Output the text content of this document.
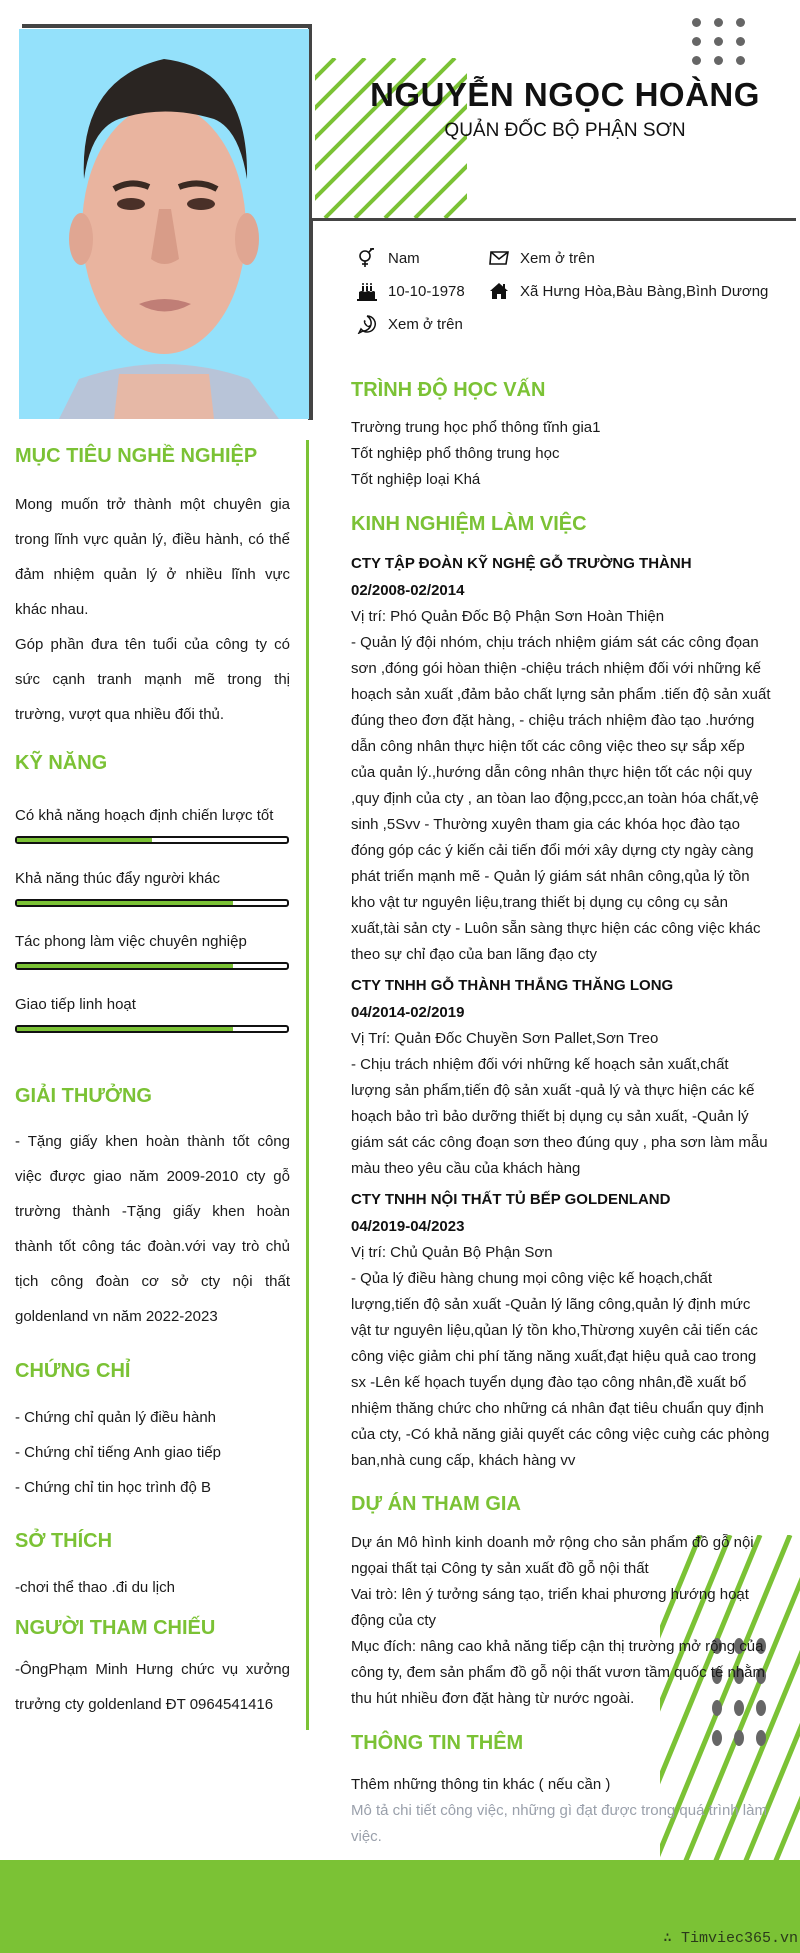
NGUYỄN NGỌC HOÀNG
QUẢN ĐỐC BỘ PHẬN SƠN
Nam	Xem ở trên
10-10-1978	Xã Hưng Hòa,Bàu Bàng,Bình Dương
Xem ở trên
MỤC TIÊU NGHỀ NGHIỆP

Mong muốn trở thành một chuyên gia trong lĩnh vực quản lý, điều hành, có thể đảm nhiệm quản lý ở nhiều lĩnh vực khác nhau.

Góp phần đưa tên tuổi của công ty có sức cạnh tranh mạnh mẽ trong thị trường, vượt qua nhiều đối thủ.

KỸ NĂNG
Có khả năng hoạch định chiến lược tốt
Khả năng thúc đẩy người khác
Tác phong làm việc chuyên nghiệp
Giao tiếp linh hoạt
GIẢI THƯỞNG

- Tặng giấy khen hoàn thành tốt công việc được giao năm 2009-2010 cty gỗ trường thành -Tặng giấy khen hoàn thành tốt công tác đoàn.với vay trò chủ tịch công đoàn cơ sở cty nội thất goldenland vn năm 2022-2023

CHỨNG CHỈ
- Chứng chỉ quản lý điều hành
- Chứng chỉ tiếng Anh giao tiếp
- Chứng chỉ tin học trình độ B
SỞ THÍCH
-chơi thể thao .đi du lịch
NGƯỜI THAM CHIẾU

-ÔngPhạm Minh Hưng chức vụ xưởng trưởng cty goldenland ĐT 0964541416

TRÌNH ĐỘ HỌC VẤN
Trường trung học phổ thông tĩnh gia1
Tốt nghiệp phổ thông trung học
Tốt nghiệp loại Khá
KINH NGHIỆM LÀM VIỆC
CTY TẬP ĐOÀN KỸ NGHỆ GỖ TRƯỜNG THÀNH
02/2008-02/2014
Vị trí: Phó Quản Đốc Bộ Phận Sơn Hoàn Thiện
- Quản lý đội nhóm, chịu trách nhiệm giám sát các công đọan sơn ,đóng gói hòan thiện -chiệu trách nhiệm đối với những kế hoạch sản xuất ,đảm bảo chất lựng sản phẩm .tiến độ sản xuất đúng theo đơn đặt hàng, - chiệu trách nhiệm đào tạo .hướng dẫn công nhân thực hiện tốt các công việc theo sự sắp xếp của quản lý.,hướng dẫn công nhân thực hiện tốt các nội quy ,quy định của cty , an tòan lao động,pccc,an toàn hóa chất,vệ sinh ,5Svv - Thường xuyên tham gia các khóa học đào tạo đóng góp các ý kiến cải tiến đổi mới xây dựng cty ngày càng phát triển mạnh mẽ - Quản lý giám sát nhân công,qủa lý tồn kho vật tư nguyên liệu,trang thiết bị dụng cụ công cụ sản xuất,tài sản cty - Luôn sẵn sàng thực hiện các công việc khác theo sự chỉ đạo của ban lãng đạo cty
CTY TNHH GỖ THÀNH THẮNG THĂNG LONG
04/2014-02/2019
Vị Trí: Quản Đốc Chuyền Sơn Pallet,Sơn Treo
- Chịu trách nhiệm đối với những kế hoạch sản xuất,chất lượng sản phẩm,tiến độ sản xuất -quả lý và thực hiện các kế hoạch bảo trì bảo dưỡng thiết bị dụng cụ sản xuất, -Quản lý giám sát các công đoạn sơn theo đúng quy , pha sơn làm mẫu màu theo yêu cầu của khách hàng
CTY TNHH NỘI THẤT TỦ BẾP GOLDENLAND
04/2019-04/2023
Vị trí: Chủ Quản Bộ Phận Sơn
- Qủa lý điều hàng chung mọi công việc kế hoạch,chất lượng,tiến độ sản xuất -Quản lý lãng công,quản lý định mức vật tư nguyên liệu,qủan lý tồn kho,Thừơng xuyên cải tiến các công việc giảm chi phí tăng năng xuất,đạt hiệu quả cao trong sx -Lên kế họach tuyển dụng đào tạo công nhân,đề xuất bổ nhiệm thăng chức cho những cá nhân đạt tiêu chuẩn quy định của cty, -Có khả năng giải quyết các công việc cuǹg các phòng ban,nhà cung cấp, khách hàng vv
DỰ ÁN THAM GIA
Dự án Mô hình kinh doanh mở rộng cho sản phẩm đồ gỗ nội ngọai thất tại Công ty sản xuất đồ gỗ nội thất
Vai trò: lên ý tưởng sáng tạo, triển khai phương hướng hoạt động của cty
Mục đích: nâng cao khả năng tiếp cận thị trường mở rộng của công ty, đem sản phẩm đồ gỗ nội thất vươn tầm quốc tế nhằm thu hút nhiều đơn đặt hàng từ nước ngoài.
THÔNG TIN THÊM
Thêm những thông tin khác ( nếu cần )
Mô tả chi tiết công việc, những gì đạt được trong quá trình làm việc.
∴ Timviec365.vn
